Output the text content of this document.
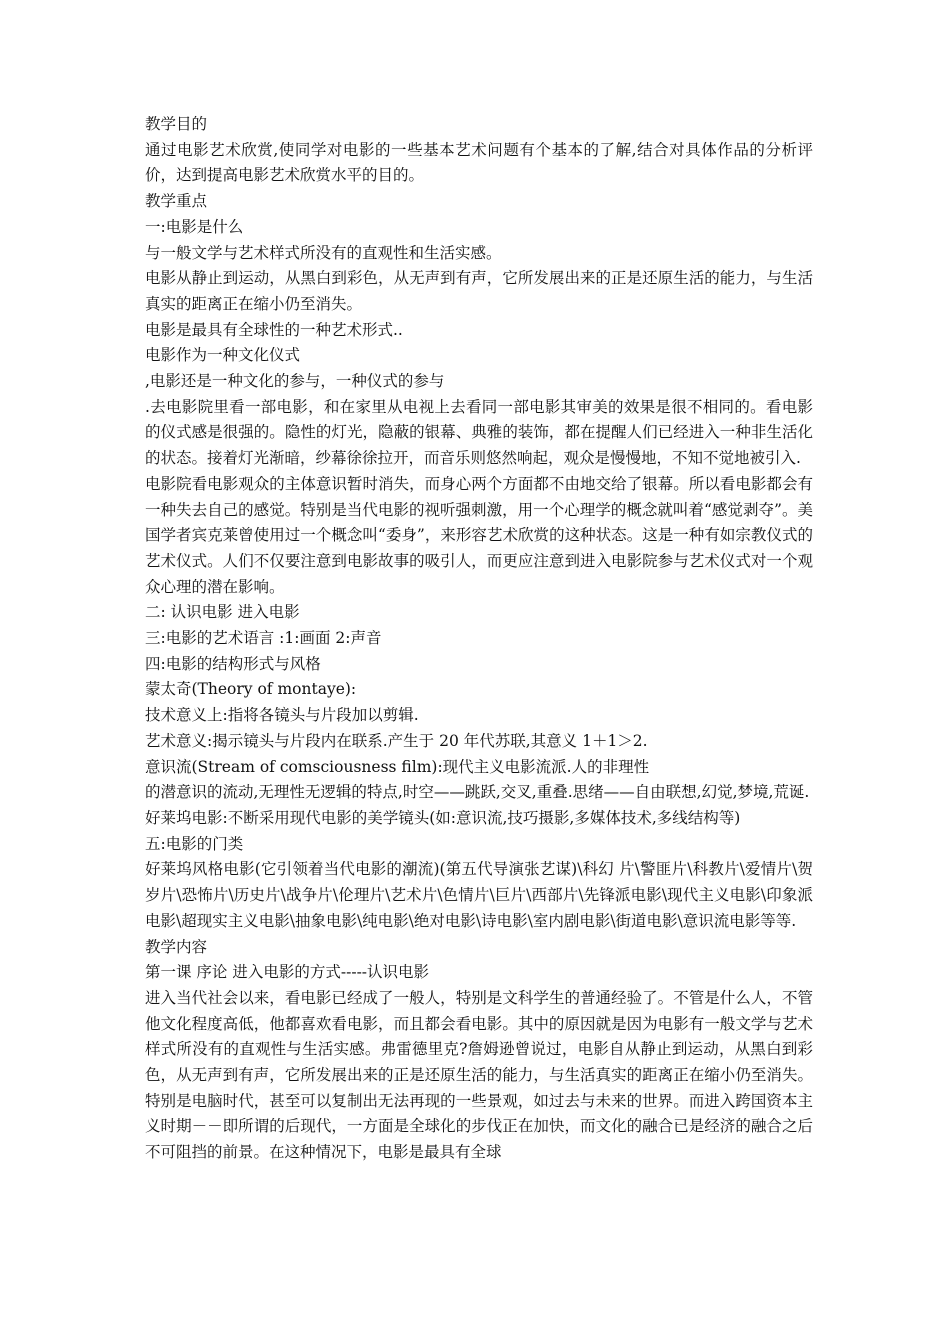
教学目的

通过电影艺术欣赏,使同学对电影的一些基本艺术问题有个基本的了解,结合对具体作品的分析评价，达到提高电影艺术欣赏水平的目的。

教学重点

一:电影是什么

与一般文学与艺术样式所没有的直观性和生活实感。

电影从静止到运动，从黑白到彩色，从无声到有声，它所发展出来的正是还原生活的能力，与生活真实的距离正在缩小仍至消失。

电影是最具有全球性的一种艺术形式..

电影作为一种文化仪式

,电影还是一种文化的参与，一种仪式的参与

.去电影院里看一部电影，和在家里从电视上去看同一部电影其审美的效果是很不相同的。看电影的仪式感是很强的。隐性的灯光，隐蔽的银幕、典雅的装饰，都在提醒人们已经进入一种非生活化的状态。接着灯光渐暗，纱幕徐徐拉开，而音乐则悠然响起，观众是慢慢地，不知不觉地被引入.

电影院看电影观众的主体意识暂时消失，而身心两个方面都不由地交给了银幕。所以看电影都会有一种失去自己的感觉。特别是当代电影的视听强刺激，用一个心理学的概念就叫着“感觉剥夺”。美国学者宾克莱曾使用过一个概念叫“委身”，来形容艺术欣赏的这种状态。这是一种有如宗教仪式的艺术仪式。人们不仅要注意到电影故事的吸引人，而更应注意到进入电影院参与艺术仪式对一个观众心理的潜在影响。

二: 认识电影 进入电影

三:电影的艺术语言 :1:画面 2:声音

四:电影的结构形式与风格

蒙太奇(Theory of montaye):

技术意义上:指将各镜头与片段加以剪辑.

艺术意义:揭示镜头与片段内在联系.产生于 20 年代苏联,其意义 1＋1＞2.

意识流(Stream of comsciousness film):现代主义电影流派.人的非理性

的潜意识的流动,无理性无逻辑的特点,时空——跳跃,交叉,重叠.思绪——自由联想,幻觉,梦境,荒诞.

好莱坞电影:不断采用现代电影的美学镜头(如:意识流,技巧摄影,多媒体技术,多线结构等)

五:电影的门类

好莱坞风格电影(它引领着当代电影的潮流)(第五代导演张艺谋)\科幻 片\警匪片\科教片\爱情片\贺岁片\恐怖片\历史片\战争片\伦理片\艺术片\色情片\巨片\西部片\先锋派电影\现代主义电影\印象派电影\超现实主义电影\抽象电影\纯电影\绝对电影\诗电影\室内剧电影\街道电影\意识流电影等等.

教学内容

第一课 序论 进入电影的方式-----认识电影

进入当代社会以来，看电影已经成了一般人，特别是文科学生的普通经验了。不管是什么人，不管他文化程度高低，他都喜欢看电影，而且都会看电影。其中的原因就是因为电影有一般文学与艺术样式所没有的直观性与生活实感。弗雷德里克?詹姆逊曾说过，电影自从静止到运动，从黑白到彩色，从无声到有声，它所发展出来的正是还原生活的能力，与生活真实的距离正在缩小仍至消失。特别是电脑时代，甚至可以复制出无法再现的一些景观，如过去与未来的世界。而进入跨国资本主义时期－－即所谓的后现代，一方面是全球化的步伐正在加快，而文化的融合已是经济的融合之后不可阻挡的前景。在这种情况下，电影是最具有全球
